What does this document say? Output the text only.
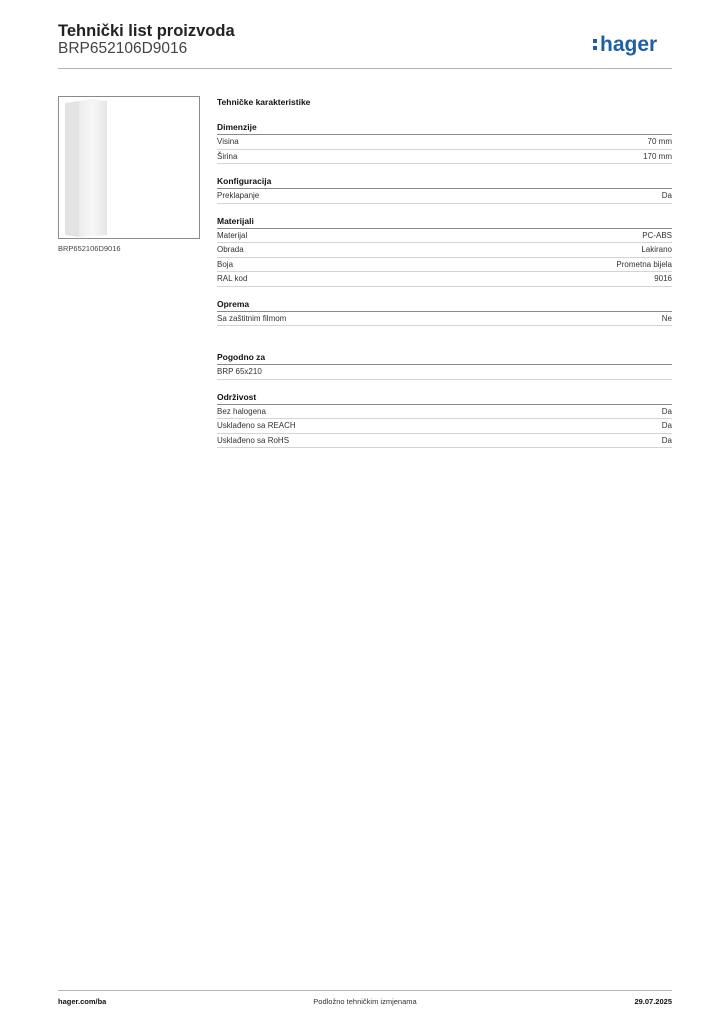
Tehnički list proizvoda
BRP652106D9016	hager
BRP652106D9016
Tehničke karakteristike
Dimenzije
Visina	70 mm
Širina	170 mm
Konfiguracija
Preklapanje	Da
Materijali
Materijal	PC-ABS
Obrada	Lakirano
Boja	Prometna bijela
RAL kod	9016
Oprema
Sa zaštitnim filmom	Ne
Pogodno za
BRP 65x210
Održivost
Bez halogena	Da
Usklađeno sa REACH	Da
Usklađeno sa RoHS	Da
hager.com/ba	Podložno tehničkim izmjenama	29.07.2025
